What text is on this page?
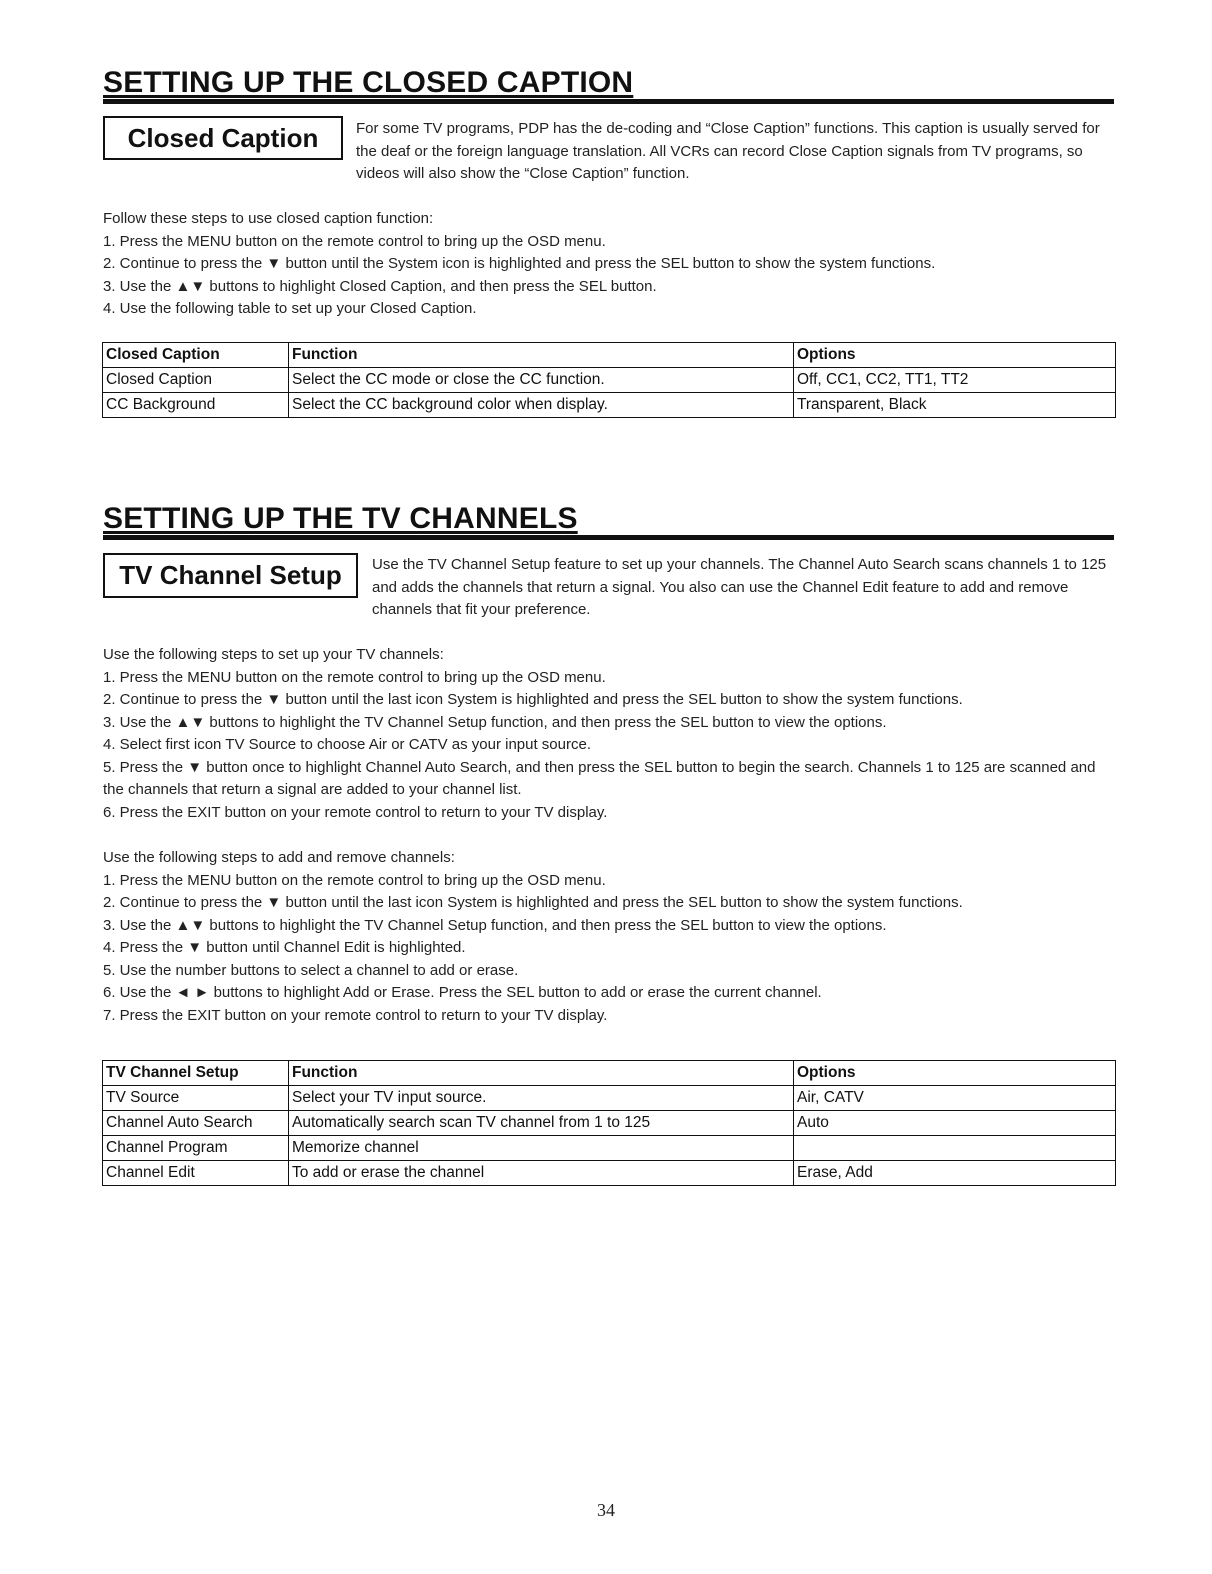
SETTING UP THE CLOSED CAPTION
Closed Caption	For some TV programs, PDP has the de-coding and “Close Caption” functions. This caption is usually served for the deaf or the foreign language translation. All VCRs can record Close Caption signals from TV programs, so videos will also show the “Close Caption” function.

Follow these steps to use closed caption function:

1. Press the MENU button on the remote control to bring up the OSD menu.

2. Continue to press the ▼ button until the System icon is highlighted and press the SEL button to show the system functions.

3. Use the ▲▼ buttons to highlight Closed Caption, and then press the SEL button.

4. Use the following table to set up your Closed Caption.

Closed Caption	Function	Options
Closed Caption	Select the CC mode or close the CC function.	Off, CC1, CC2, TT1, TT2
CC Background	Select the CC background color when display.	Transparent, Black
SETTING UP THE TV CHANNELS
TV Channel Setup Use the TV Channel Setup feature to set up your channels. The Channel Auto Search scans channels 1 to 125 and adds the channels that return a signal. You also can use the Channel Edit feature to add and remove channels that fit your preference.

Use the following steps to set up your TV channels:

1. Press the MENU button on the remote control to bring up the OSD menu.

2. Continue to press the ▼ button until the last icon System is highlighted and press the SEL button to show the system functions.

3. Use the ▲▼ buttons to highlight the TV Channel Setup function, and then press the SEL button to view the options.

4. Select first icon TV Source to choose Air or CATV as your input source.

5. Press the ▼ button once to highlight Channel Auto Search, and then press the SEL button to begin the search. Channels 1 to 125 are scanned and the channels that return a signal are added to your channel list.

6. Press the EXIT button on your remote control to return to your TV display.

Use the following steps to add and remove channels:

1. Press the MENU button on the remote control to bring up the OSD menu.

2. Continue to press the ▼ button until the last icon System is highlighted and press the SEL button to show the system functions.

3. Use the ▲▼ buttons to highlight the TV Channel Setup function, and then press the SEL button to view the options.

4. Press the ▼ button until Channel Edit is highlighted.

5. Use the number buttons to select a channel to add or erase.

6. Use the ◄ ► buttons to highlight Add or Erase. Press the SEL button to add or erase the current channel.

7. Press the EXIT button on your remote control to return to your TV display.

TV Channel Setup	Function	Options
TV Source	Select your TV input source.	Air, CATV
Channel Auto Search	Automatically search scan TV channel from 1 to 125	Auto
Channel Program	Memorize channel	
Channel Edit	To add or erase the channel	Erase, Add
34
